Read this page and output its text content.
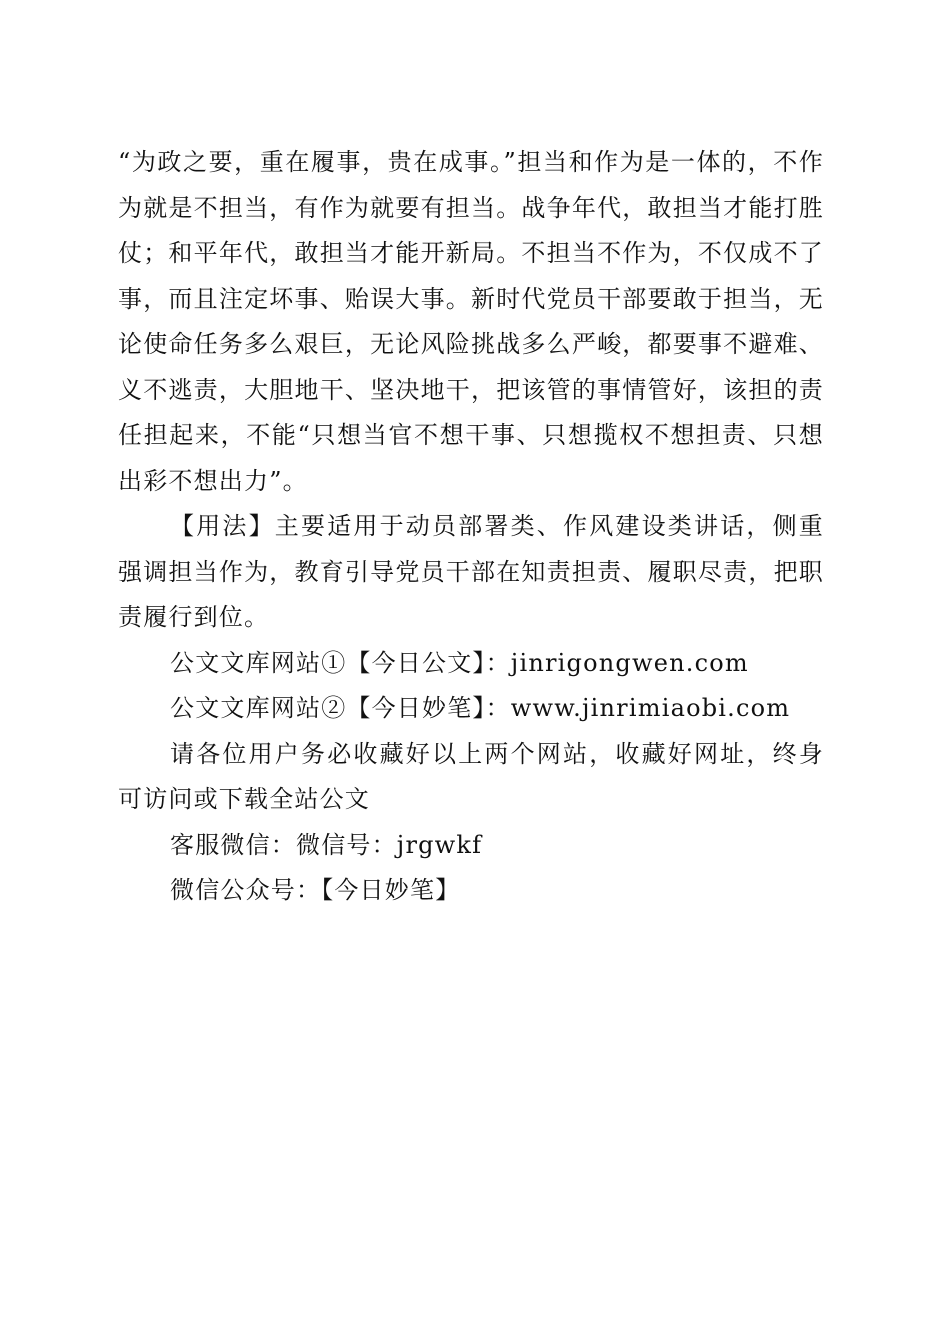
“为政之要，重在履事，贵在成事。”担当和作为是一体的，不作为就是不担当，有作为就要有担当。战争年代，敢担当才能打胜仗；和平年代，敢担当才能开新局。不担当不作为，不仅成不了事，而且注定坏事、贻误大事。新时代党员干部要敢于担当，无论使命任务多么艰巨，无论风险挑战多么严峻，都要事不避难、义不逃责，大胆地干、坚决地干，把该管的事情管好，该担的责任担起来，不能“只想当官不想干事、只想揽权不想担责、只想出彩不想出力”。

【用法】主要适用于动员部署类、作风建设类讲话，侧重强调担当作为，教育引导党员干部在知责担责、履职尽责，把职责履行到位。

公文文库网站①【今日公文】：jinrigongwen.com

公文文库网站②【今日妙笔】：www.jinrimiaobi.com

请各位用户务必收藏好以上两个网站，收藏好网址，终身可访问或下载全站公文

客服微信：微信号：jrgwkf

微信公众号：【今日妙笔】
